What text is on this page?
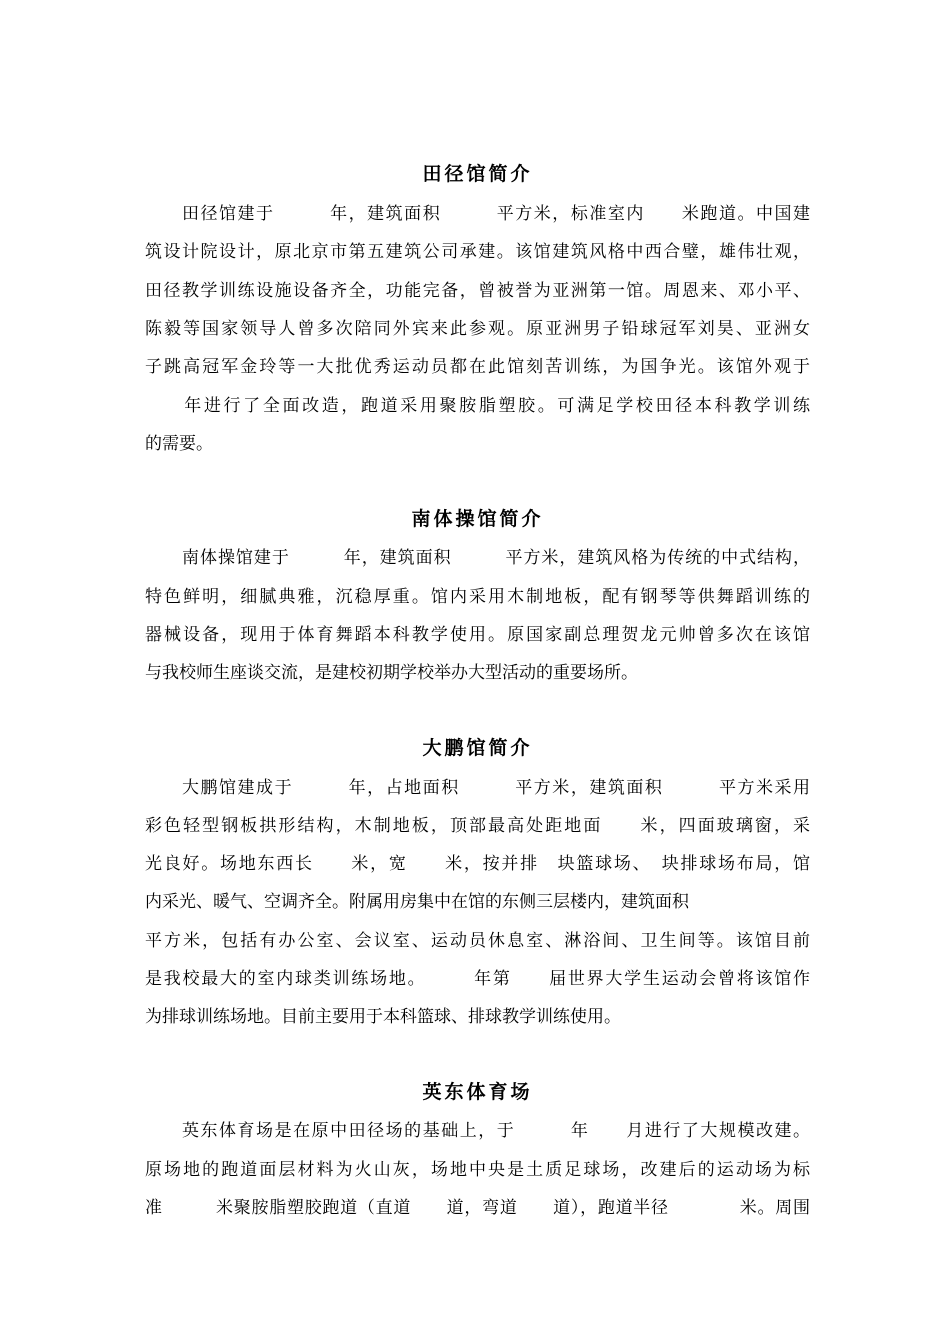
田径馆简介
田径馆建于　　　年，建筑面积　　　平方米，标准室内　　米跑道。中国建
筑设计院设计，原北京市第五建筑公司承建。该馆建筑风格中西合璧，雄伟壮观，
田径教学训练设施设备齐全，功能完备，曾被誉为亚洲第一馆。周恩来、邓小平、
陈毅等国家领导人曾多次陪同外宾来此参观。原亚洲男子铅球冠军刘昊、亚洲女
子跳高冠军金玲等一大批优秀运动员都在此馆刻苦训练，为国争光。该馆外观于
　　年进行了全面改造，跑道采用聚胺脂塑胶。可满足学校田径本科教学训练
的需要。
南体操馆简介
南体操馆建于　　　年，建筑面积　　　平方米，建筑风格为传统的中式结构，
特色鲜明，细腻典雅，沉稳厚重。馆内采用木制地板，配有钢琴等供舞蹈训练的
器械设备，现用于体育舞蹈本科教学使用。原国家副总理贺龙元帅曾多次在该馆
与我校师生座谈交流，是建校初期学校举办大型活动的重要场所。
大鹏馆简介
大鹏馆建成于　　　年，占地面积　　　平方米，建筑面积　　　平方米采用
彩色轻型钢板拱形结构，木制地板，顶部最高处距地面　　米，四面玻璃窗，采
光良好。场地东西长　　米，宽　　米，按并排　块篮球场、　块排球场布局，馆
内采光、暖气、空调齐全。附属用房集中在馆的东侧三层楼内，建筑面积
平方米，包括有办公室、会议室、运动员休息室、淋浴间、卫生间等。该馆目前
是我校最大的室内球类训练场地。　　　年第　　届世界大学生运动会曾将该馆作
为排球训练场地。目前主要用于本科篮球、排球教学训练使用。
英东体育场
英东体育场是在原中田径场的基础上，于　　　年　　月进行了大规模改建。
原场地的跑道面层材料为火山灰，场地中央是土质足球场，改建后的运动场为标
准　　　米聚胺脂塑胶跑道（直道　　道，弯道　　道），跑道半径　　　　米。周围
